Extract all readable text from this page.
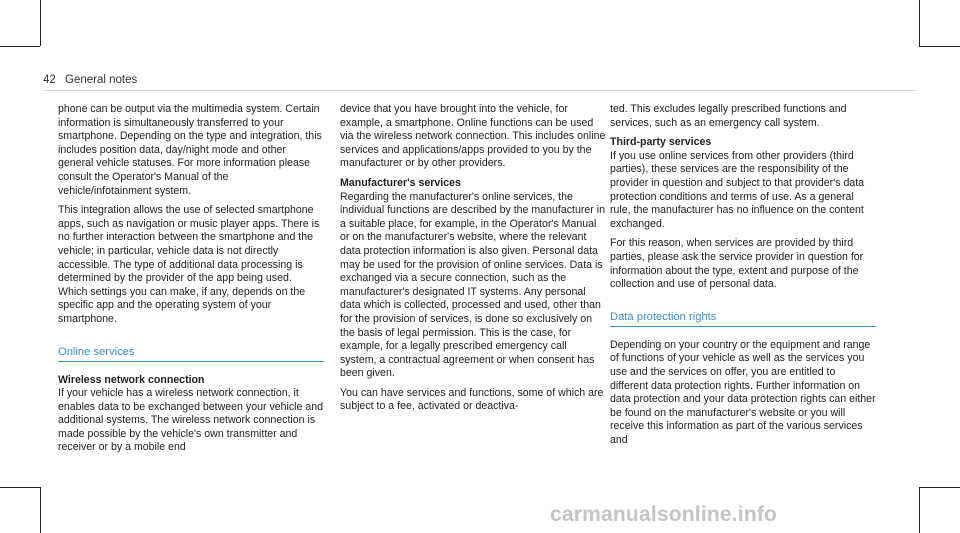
42 General notes

phone can be output via the multimedia system. Certain information is simultaneously transferred to your smartphone. Depending on the type and integration, this includes position data, day/night mode and other general vehicle statuses. For more information please consult the Operator's Manual of the vehicle/infotainment system.

This integration allows the use of selected smartphone apps, such as navigation or music player apps. There is no further interaction between the smartphone and the vehicle; in particular, vehicle data is not directly accessible. The type of additional data processing is determined by the provider of the app being used. Which settings you can make, if any, depends on the specific app and the operating system of your smartphone.

Online services
Wireless network connection

If your vehicle has a wireless network connection, it enables data to be exchanged between your vehicle and additional systems. The wireless network connection is made possible by the vehicle's own transmitter and receiver or by a mobile end

device that you have brought into the vehicle, for example, a smartphone. Online functions can be used via the wireless network connection. This includes online services and applications/apps provided to you by the manufacturer or by other providers.

Manufacturer's services

Regarding the manufacturer's online services, the individual functions are described by the manufacturer in a suitable place, for example, in the Operator's Manual or on the manufacturer's website, where the relevant data protection information is also given. Personal data may be used for the provision of online services. Data is exchanged via a secure connection, such as the manufacturer's designated IT systems. Any personal data which is collected, processed and used, other than for the provision of services, is done so exclusively on the basis of legal permission. This is the case, for example, for a legally prescribed emergency call system, a contractual agreement or when consent has been given.

You can have services and functions, some of which are subject to a fee, activated or deactiva-

ted. This excludes legally prescribed functions and services, such as an emergency call system.

Third-party services

If you use online services from other providers (third parties), these services are the responsibility of the provider in question and subject to that provider's data protection conditions and terms of use. As a general rule, the manufacturer has no influence on the content exchanged.

For this reason, when services are provided by third parties, please ask the service provider in question for information about the type, extent and purpose of the collection and use of personal data.

Data protection rights

Depending on your country or the equipment and range of functions of your vehicle as well as the services you use and the services on offer, you are entitled to different data protection rights. Further information on data protection and your data protection rights can either be found on the manufacturer's website or you will receive this information as part of the various services and

carmanualsonline.info
